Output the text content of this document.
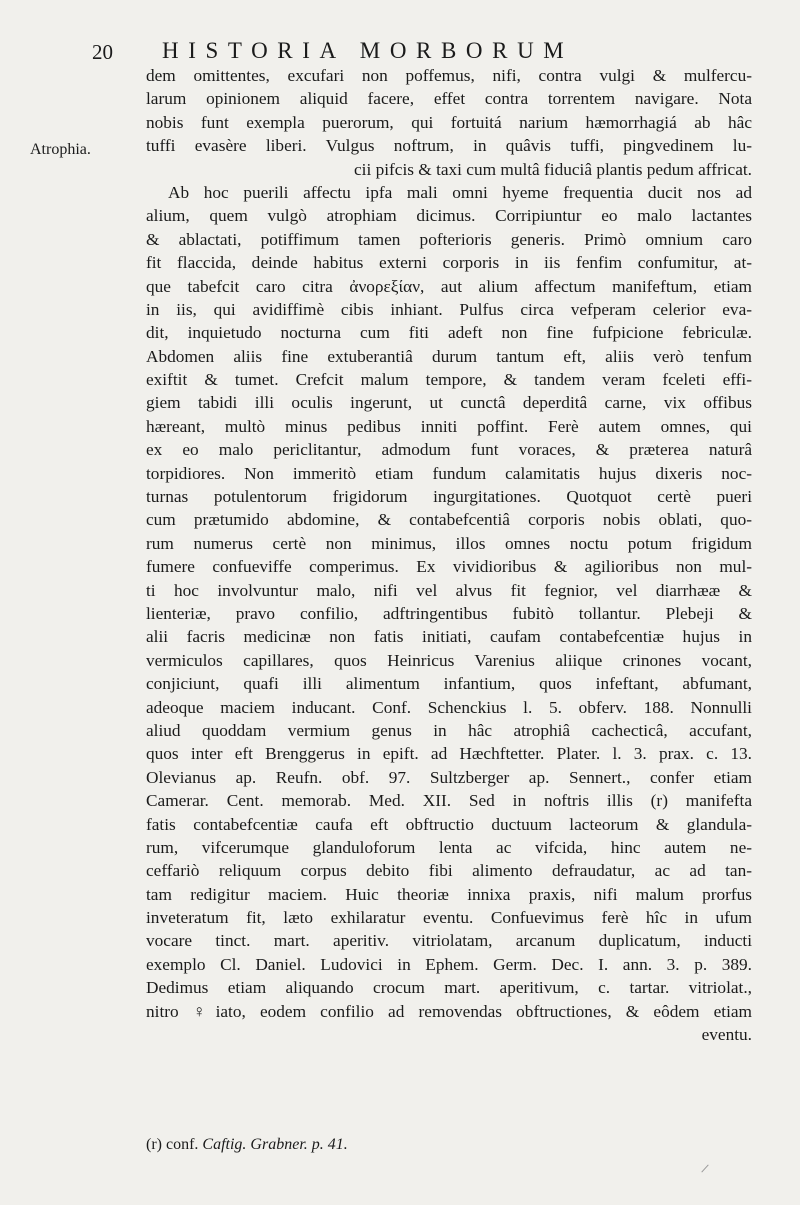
20 HISTORIA MORBORUM
Atrophia.
dem omittentes, excufari non poffemus, nifi, contra vulgi & mulfercu-
larum opinionem aliquid facere, effet contra torrentem navigare. Nota
nobis funt exempla puerorum, qui fortuitá narium hæmorrhagiá ab hâc
tuffi evasère liberi. Vulgus noftrum, in quâvis tuffi, pingvedinem lu-
cii pifcis & taxi cum multâ fiduciâ plantis pedum affricat.
Ab hoc puerili affectu ipfa mali omni hyeme frequentia ducit nos ad
alium, quem vulgò atrophiam dicimus. Corripiuntur eo malo lactantes
& ablactati, potiffimum tamen pofterioris generis. Primò omnium caro
fit flaccida, deinde habitus externi corporis in iis fenfim confumitur, at-
que tabefcit caro citra ἀνορεξίαν, aut alium affectum manifeftum, etiam
in iis, qui avidiffimè cibis inhiant. Pulfus circa vefperam celerior eva-
dit, inquietudo nocturna cum fiti adeft non fine fufpicione febriculæ.
Abdomen aliis fine extuberantiâ durum tantum eft, aliis verò tenfum
exiftit & tumet. Crefcit malum tempore, & tandem veram fceleti effi-
giem tabidi illi oculis ingerunt, ut cunctâ deperditâ carne, vix offibus
hæreant, multò minus pedibus inniti poffint. Ferè autem omnes, qui
ex eo malo periclitantur, admodum funt voraces, & præterea naturâ
torpidiores. Non immeritò etiam fundum calamitatis hujus dixeris noc-
turnas potulentorum frigidorum ingurgitationes. Quotquot certè pueri
cum prætumido abdomine, & contabefcentiâ corporis nobis oblati, quo-
rum numerus certè non minimus, illos omnes noctu potum frigidum
fumere confueviffe comperimus. Ex vividioribus & agilioribus non mul-
ti hoc involvuntur malo, nifi vel alvus fit fegnior, vel diarrhææ &
lienteriæ, pravo confilio, adftringentibus fubitò tollantur. Plebeji &
alii facris medicinæ non fatis initiati, caufam contabefcentiæ hujus in
vermiculos capillares, quos Heinricus Varenius aliique crinones vocant,
conjiciunt, quafi illi alimentum infantium, quos infeftant, abfumant,
adeoque maciem inducant. Conf. Schenckius l. 5. obferv. 188. Nonnulli
aliud quoddam vermium genus in hâc atrophiâ cachecticâ, accufant,
quos inter eft Brenggerus in epift. ad Hæchftetter. Plater. l. 3. prax. c. 13.
Olevianus ap. Reufn. obf. 97. Sultzberger ap. Sennert., confer etiam
Camerar. Cent. memorab. Med. XII. Sed in noftris illis (r) manifefta
fatis contabefcentiæ caufa eft obftructio ductuum lacteorum & glandula-
rum, vifcerumque glanduloforum lenta ac vifcida, hinc autem ne-
ceffariò reliquum corpus debito fibi alimento defraudatur, ac ad tan-
tam redigitur maciem. Huic theoriæ innixa praxis, nifi malum prorfus
inveteratum fit, læto exhilaratur eventu. Confuevimus ferè hîc in ufum
vocare tinct. mart. aperitiv. vitriolatam, arcanum duplicatum, inducti
exemplo Cl. Daniel. Ludovici in Ephem. Germ. Dec. I. ann. 3. p. 389.
Dedimus etiam aliquando crocum mart. aperitivum, c. tartar. vitriolat.,
nitro ♀iato, eodem confilio ad removendas obftructiones, & eôdem etiam
eventu.
(r) conf. Caftig. Grabner. p. 41.
